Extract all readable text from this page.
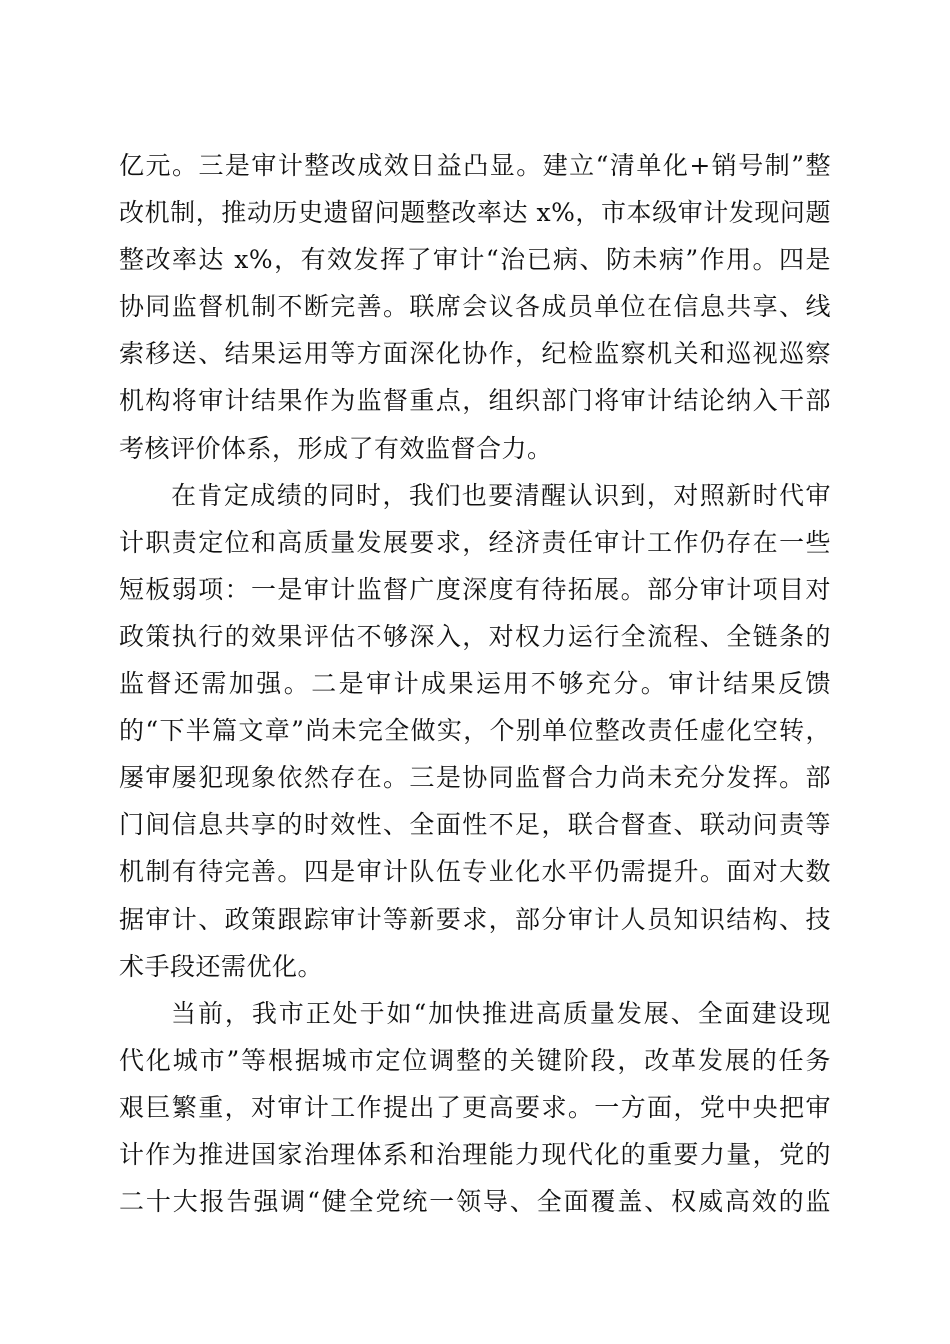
亿元。三是审计整改成效日益凸显。建立“清单化+销号制”整
改机制，推动历史遗留问题整改率达 x%，市本级审计发现问题
整改率达 x%，有效发挥了审计“治已病、防未病”作用。四是
协同监督机制不断完善。联席会议各成员单位在信息共享、线
索移送、结果运用等方面深化协作，纪检监察机关和巡视巡察
机构将审计结果作为监督重点，组织部门将审计结论纳入干部
考核评价体系，形成了有效监督合力。
在肯定成绩的同时，我们也要清醒认识到，对照新时代审
计职责定位和高质量发展要求，经济责任审计工作仍存在一些
短板弱项：一是审计监督广度深度有待拓展。部分审计项目对
政策执行的效果评估不够深入，对权力运行全流程、全链条的
监督还需加强。二是审计成果运用不够充分。审计结果反馈
的“下半篇文章”尚未完全做实，个别单位整改责任虚化空转，
屡审屡犯现象依然存在。三是协同监督合力尚未充分发挥。部
门间信息共享的时效性、全面性不足，联合督查、联动问责等
机制有待完善。四是审计队伍专业化水平仍需提升。面对大数
据审计、政策跟踪审计等新要求，部分审计人员知识结构、技
术手段还需优化。
当前，我市正处于如“加快推进高质量发展、全面建设现
代化城市”等根据城市定位调整的关键阶段，改革发展的任务
艰巨繁重，对审计工作提出了更高要求。一方面，党中央把审
计作为推进国家治理体系和治理能力现代化的重要力量，党的
二十大报告强调“健全党统一领导、全面覆盖、权威高效的监
